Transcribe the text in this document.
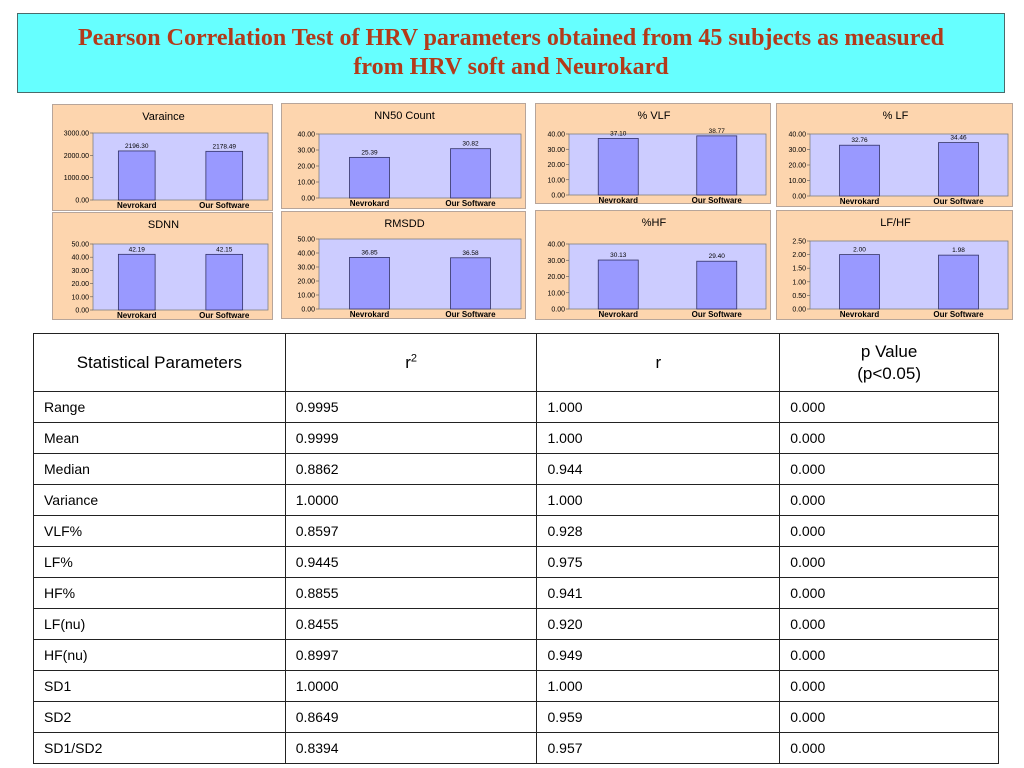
Pearson Correlation Test of HRV parameters obtained from 45 subjects as measured
from HRV soft and Neurokard
Varaince
0.00
1000.00
2000.00
3000.00
2196.30
Nevrokard
2178.49
Our Software
NN50 Count
0.00
10.00
20.00
30.00
40.00
25.39
Nevrokard
30.82
Our Software
% VLF
0.00
10.00
20.00
30.00
40.00	37.10
Nevrokard
38.77
Our Software
% LF
0.00
10.00
20.00
30.00
40.00
32.76
Nevrokard
34.46
Our Software
SDNN
0.00
10.00
20.00
30.00
40.00
50.00
42.19
Nevrokard
42.15
Our Software
RMSDD
0.00
10.00
20.00
30.00
40.00
50.00
36.85
Nevrokard
36.58
Our Software
%HF
0.00
10.00
20.00
30.00
40.00
30.13
Nevrokard
29.40
Our Software
LF/HF
0.00
0.50
1.00
1.50
2.00
2.50
2.00
Nevrokard
1.98
Our Software
Statistical Parameters	$r^2$	r	p Value
(p<0.05)

Range	0.9995	1.000	0.000
Mean	0.9999	1.000	0.000
Median	0.8862	0.944	0.000
Variance	1.0000	1.000	0.000
VLF%	0.8597	0.928	0.000
LF%	0.9445	0.975	0.000
HF%	0.8855	0.941	0.000
LF(nu)	0.8455	0.920	0.000
HF(nu)	0.8997	0.949	0.000
SD1	1.0000	1.000	0.000
SD2	0.8649	0.959	0.000
SD1/SD2	0.8394	0.957	0.000
